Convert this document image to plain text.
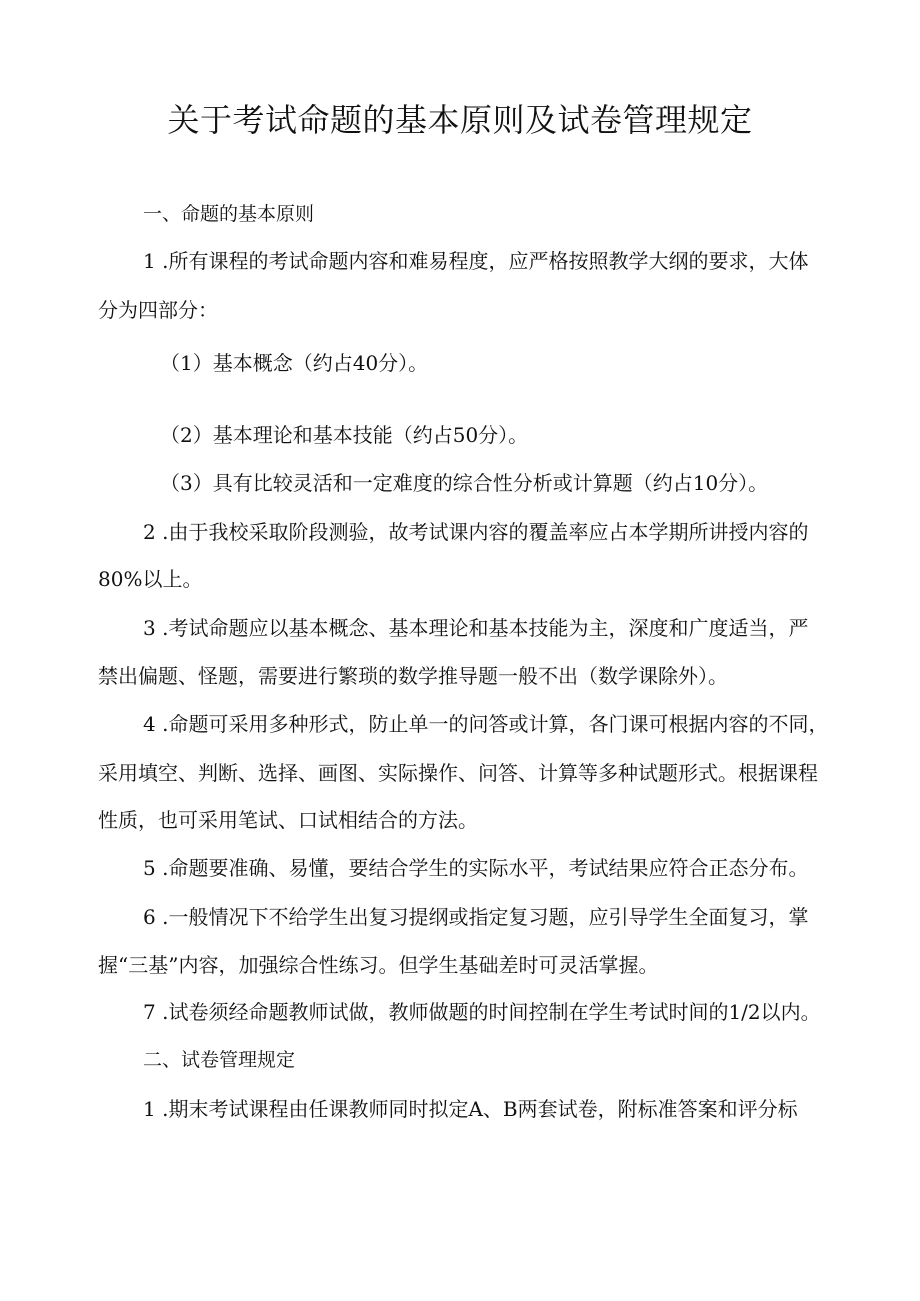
关于考试命题的基本原则及试卷管理规定
一、命题的基本原则
1 .所有课程的考试命题内容和难易程度，应严格按照教学大纲的要求，大体
分为四部分：
（1）基本概念（约占40分）。
（2）基本理论和基本技能（约占50分）。
（3）具有比较灵活和一定难度的综合性分析或计算题（约占10分）。
2 .由于我校采取阶段测验，故考试课内容的覆盖率应占本学期所讲授内容的
80%以上。
3 .考试命题应以基本概念、基本理论和基本技能为主，深度和广度适当，严
禁出偏题、怪题，需要进行繁琐的数学推导题一般不出（数学课除外）。
4 .命题可采用多种形式，防止单一的问答或计算，各门课可根据内容的不同，
采用填空、判断、选择、画图、实际操作、问答、计算等多种试题形式。根据课程
性质，也可采用笔试、口试相结合的方法。
5 .命题要准确、易懂，要结合学生的实际水平，考试结果应符合正态分布。
6 .一般情况下不给学生出复习提纲或指定复习题，应引导学生全面复习，掌
握“三基”内容，加强综合性练习。但学生基础差时可灵活掌握。
7 .试卷须经命题教师试做，教师做题的时间控制在学生考试时间的1/2以内。
二、试卷管理规定
1 .期末考试课程由任课教师同时拟定A、B两套试卷，附标准答案和评分标
